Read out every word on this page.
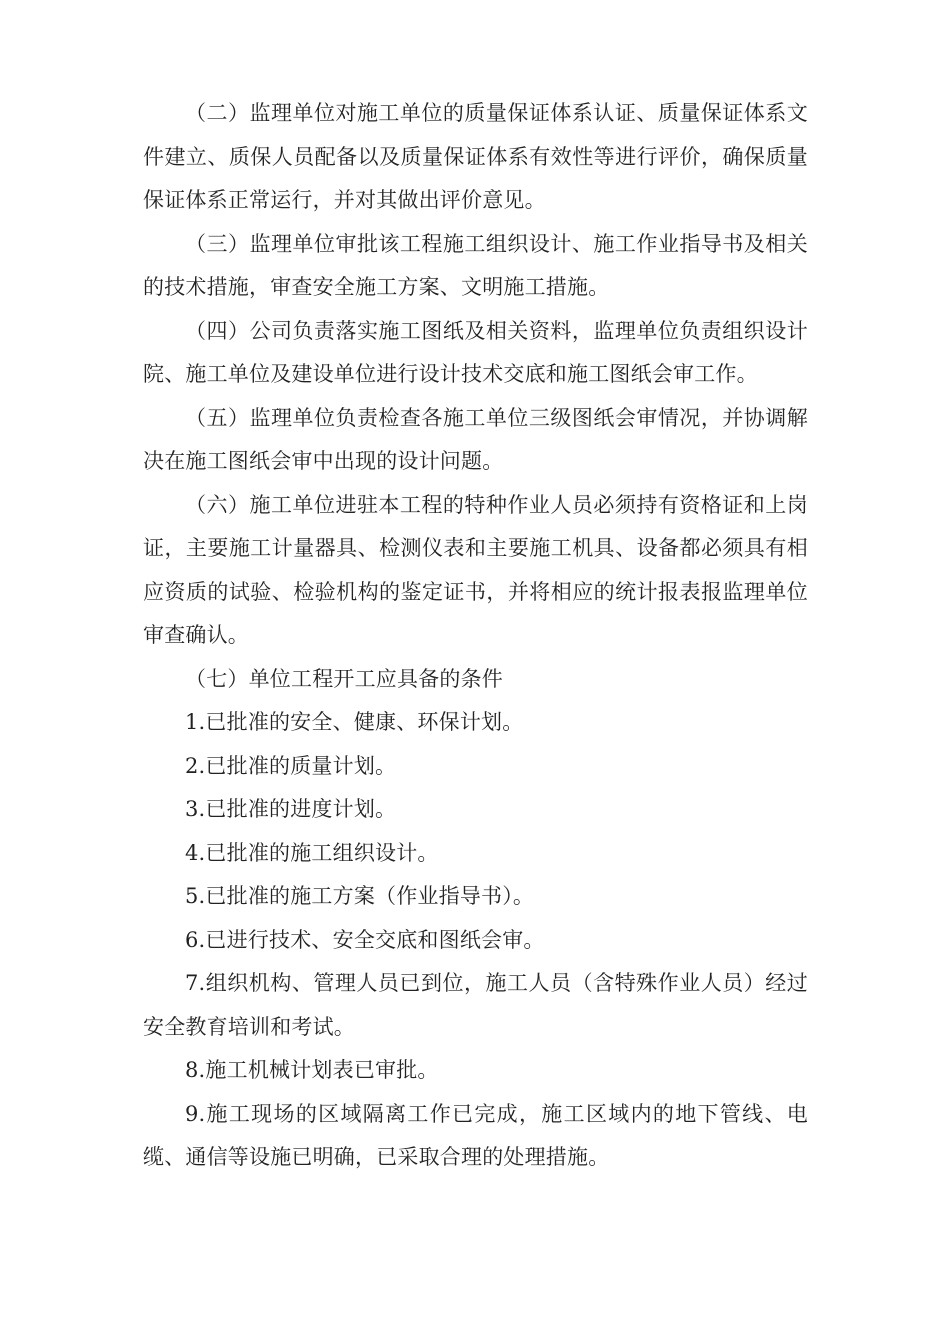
（二）监理单位对施工单位的质量保证体系认证、质量保证体系文件建立、质保人员配备以及质量保证体系有效性等进行评价，确保质量保证体系正常运行，并对其做出评价意见。

（三）监理单位审批该工程施工组织设计、施工作业指导书及相关的技术措施，审查安全施工方案、文明施工措施。

（四）公司负责落实施工图纸及相关资料，监理单位负责组织设计院、施工单位及建设单位进行设计技术交底和施工图纸会审工作。

（五）监理单位负责检查各施工单位三级图纸会审情况，并协调解决在施工图纸会审中出现的设计问题。

（六）施工单位进驻本工程的特种作业人员必须持有资格证和上岗证，主要施工计量器具、检测仪表和主要施工机具、设备都必须具有相应资质的试验、检验机构的鉴定证书，并将相应的统计报表报监理单位审查确认。

（七）单位工程开工应具备的条件

1.已批准的安全、健康、环保计划。

2.已批准的质量计划。

3.已批准的进度计划。

4.已批准的施工组织设计。

5.已批准的施工方案（作业指导书）。

6.已进行技术、安全交底和图纸会审。

7.组织机构、管理人员已到位，施工人员（含特殊作业人员）经过安全教育培训和考试。

8.施工机械计划表已审批。

9.施工现场的区域隔离工作已完成，施工区域内的地下管线、电缆、通信等设施已明确，已采取合理的处理措施。
